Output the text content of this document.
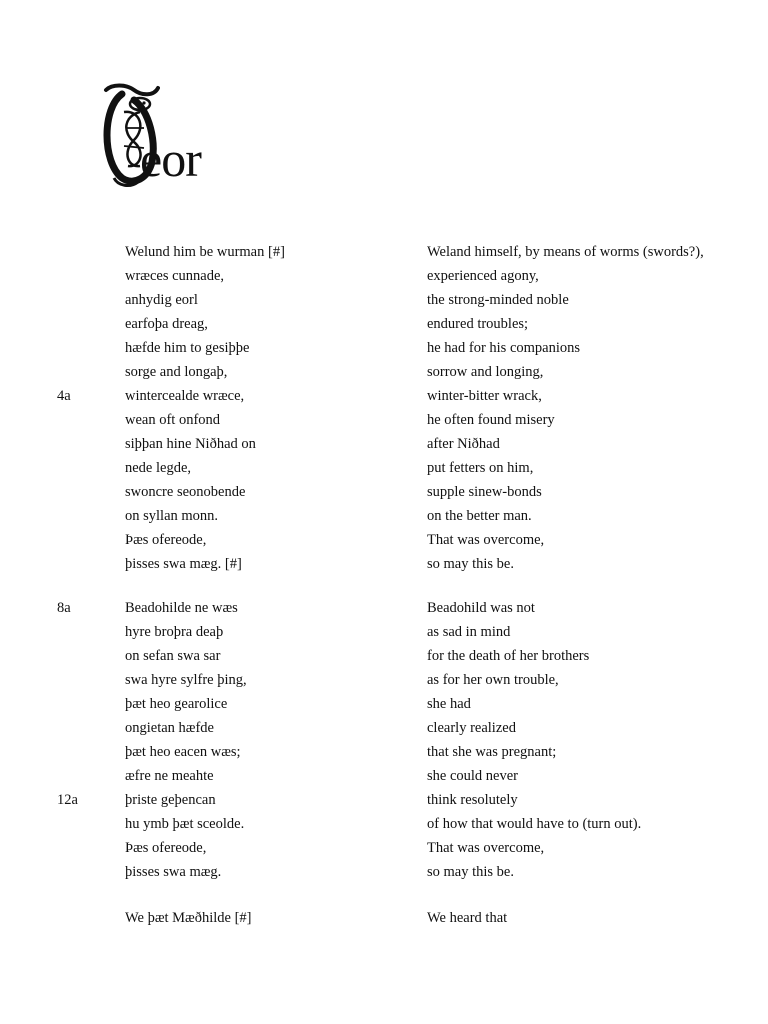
eor
Welund him be wurman [#]	Weland himself, by means of worms (swords?),
wræces cunnade,	experienced agony,
anhydig eorl	the strong-minded noble
earfoþa dreag,	endured troubles;
hæfde him to gesiþþe	he had for his companions
sorge and longaþ,	sorrow and longing,
4a	wintercealde wræce,	winter-bitter wrack,
wean oft onfond	he often found misery
siþþan hine Niðhad on	after Niðhad
nede legde,	put fetters on him,
swoncre seonobende	supple sinew-bonds
on syllan monn.	on the better man.
Þæs ofereode,	That was overcome,
þisses swa mæg. [#]	so may this be.
8a	Beadohilde ne wæs	Beadohild was not
hyre broþra deaþ	as sad in mind
on sefan swa sar	for the death of her brothers
swa hyre sylfre þing,	as for her own trouble,
þæt heo gearolice	she had
ongietan hæfde	clearly realized
þæt heo eacen wæs;	that she was pregnant;
æfre ne meahte	she could never
12a	þriste geþencan	think resolutely
hu ymb þæt sceolde.	of how that would have to (turn out).
Þæs ofereode,	That was overcome,
þisses swa mæg.	so may this be.
We þæt Mæðhilde [#]	We heard that
